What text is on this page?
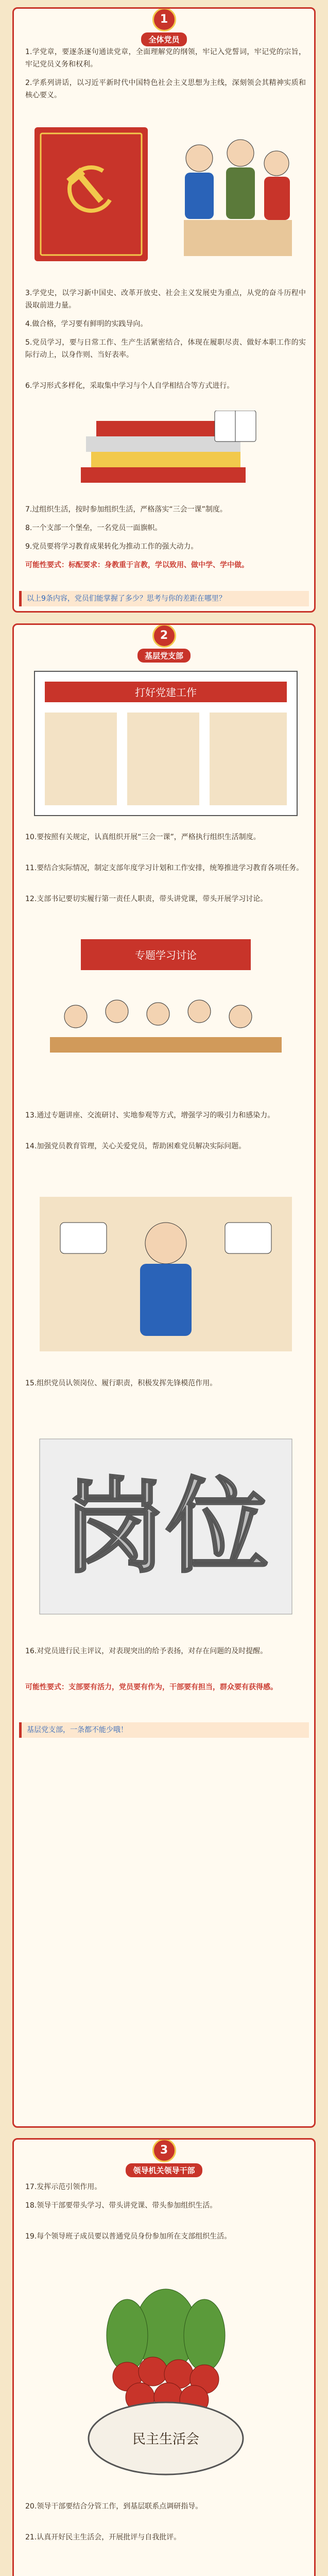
1
全体党员
1.学党章，要逐条逐句通读党章，全面理解党的纲领，牢记入党誓词，牢记党的宗旨，牢记党员义务和权利。
2.学系列讲话，以习近平新时代中国特色社会主义思想为主线，深刻领会其精神实质和核心要义。
3.学党史，以学习新中国史、改革开放史、社会主义发展史为重点，从党的奋斗历程中汲取前进力量。
4.做合格，学习要有鲜明的实践导向。
5.党员学习，要与日常工作、生产生活紧密结合，体现在履职尽责、做好本职工作的实际行动上，以身作则、当好表率。
6.学习形式多样化，采取集中学习与个人自学相结合等方式进行。
7.过组织生活，按时参加组织生活，严格落实“三会一课”制度。
8.一个支部一个堡垒，一名党员一面旗帜。
9.党员要将学习教育成果转化为推动工作的强大动力。
可能性要式：标配要求：身教重于言教，学以致用、做中学、学中做。
以上9条内容，党员们能掌握了多少？思考与你的差距在哪里？
2
基层党支部
打好党建工作
10.要按照有关规定，认真组织开展“三会一课”，严格执行组织生活制度。
11.要结合实际情况，制定支部年度学习计划和工作安排，统筹推进学习教育各项任务。
12.支部书记要切实履行第一责任人职责，带头讲党课，带头开展学习讨论。
专题学习讨论
13.通过专题讲座、交流研讨、实地参观等方式，增强学习的吸引力和感染力。
14.加强党员教育管理，关心关爱党员，帮助困难党员解决实际问题。
15.组织党员认领岗位、履行职责，积极发挥先锋模范作用。
岗位
16.对党员进行民主评议，对表现突出的给予表扬，对存在问题的及时提醒。
可能性要式：支部要有活力，党员要有作为，干部要有担当，群众要有获得感。
基层党支部，一条都不能少哦！
3
领导机关领导干部
17.发挥示范引领作用。
18.领导干部要带头学习、带头讲党课、带头参加组织生活。
19.每个领导班子成员要以普通党员身份参加所在支部组织生活。
民主生活会
20.领导干部要结合分管工作，到基层联系点调研指导。
21.认真开好民主生活会，开展批评与自我批评。
